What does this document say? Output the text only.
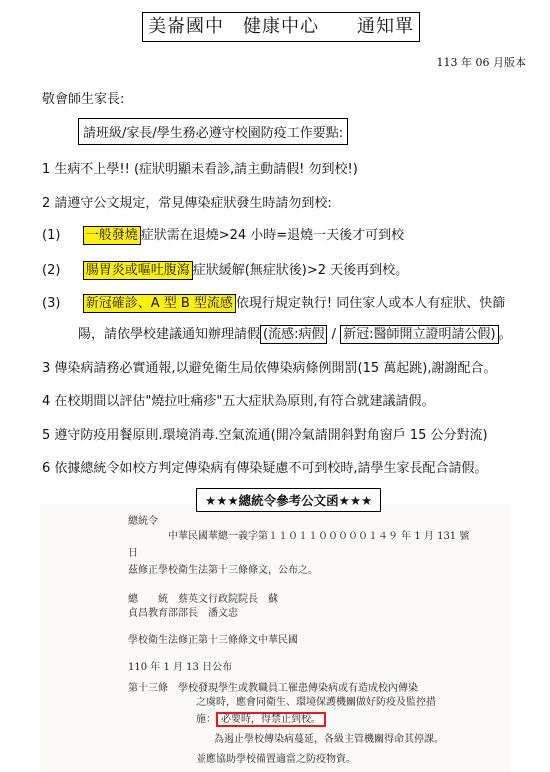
美崙國中　健康中心　　通知單
113 年 06 月版本
敬會師生家長:
請班級/家長/學生務必遵守校園防疫工作要點:
1 生病不上學!! (症狀明顯未看診,請主動請假! 勿到校!)
2 請遵守公文規定，常見傳染症狀發生時請勿到校:
(1) 一般發燒 症狀需在退燒>24 小時=退燒一天後才可到校
(2) 腸胃炎或嘔吐腹瀉 症狀緩解(無症狀後)>2 天後再到校。
(3) 新冠確診、A 型 B 型流感 依現行規定執行! 同住家人或本人有症狀、快篩
陽，請依學校建議通知辦理請假 (流感:病假 / 新冠:醫師開立證明請公假) 。
3 傳染病請務必實通報,以避免衛生局依傳染病條例開罰(15 萬起跳),謝謝配合。
4 在校期間以評估"燒拉吐痛疹"五大症狀為原則,有符合就建議請假。
5 遵守防疫用餐原則.環境消毒.空氣流通(開冷氣請開斜對角窗戶 15 公分對流)
6 依據總統令如校方判定傳染病有傳染疑慮不可到校時,請學生家長配合請假。
★★★總統令參考公文函★★★
總統令
中華民國華總一義字第１１０１１０００００１４９ 年 1 月 131 號
日
茲修正學校衛生法第十三條條文，公布之。
總　　統　蔡英文行政院院長　蘇
貞昌教育部部長　潘文忠
學校衛生法修正第十三條條文中華民國
110 年 1 月 13 日公布
第十三條　學校發現學生或教職員工罹患傳染病或有造成校內傳染
之虞時，應會同衛生、環境保護機關做好防疫及監控措
施： 必要時，得禁止到校。
為遏止學校傳染病蔓延，各級主管機關得命其停課。
並應協助學校備置適當之防疫物資。
